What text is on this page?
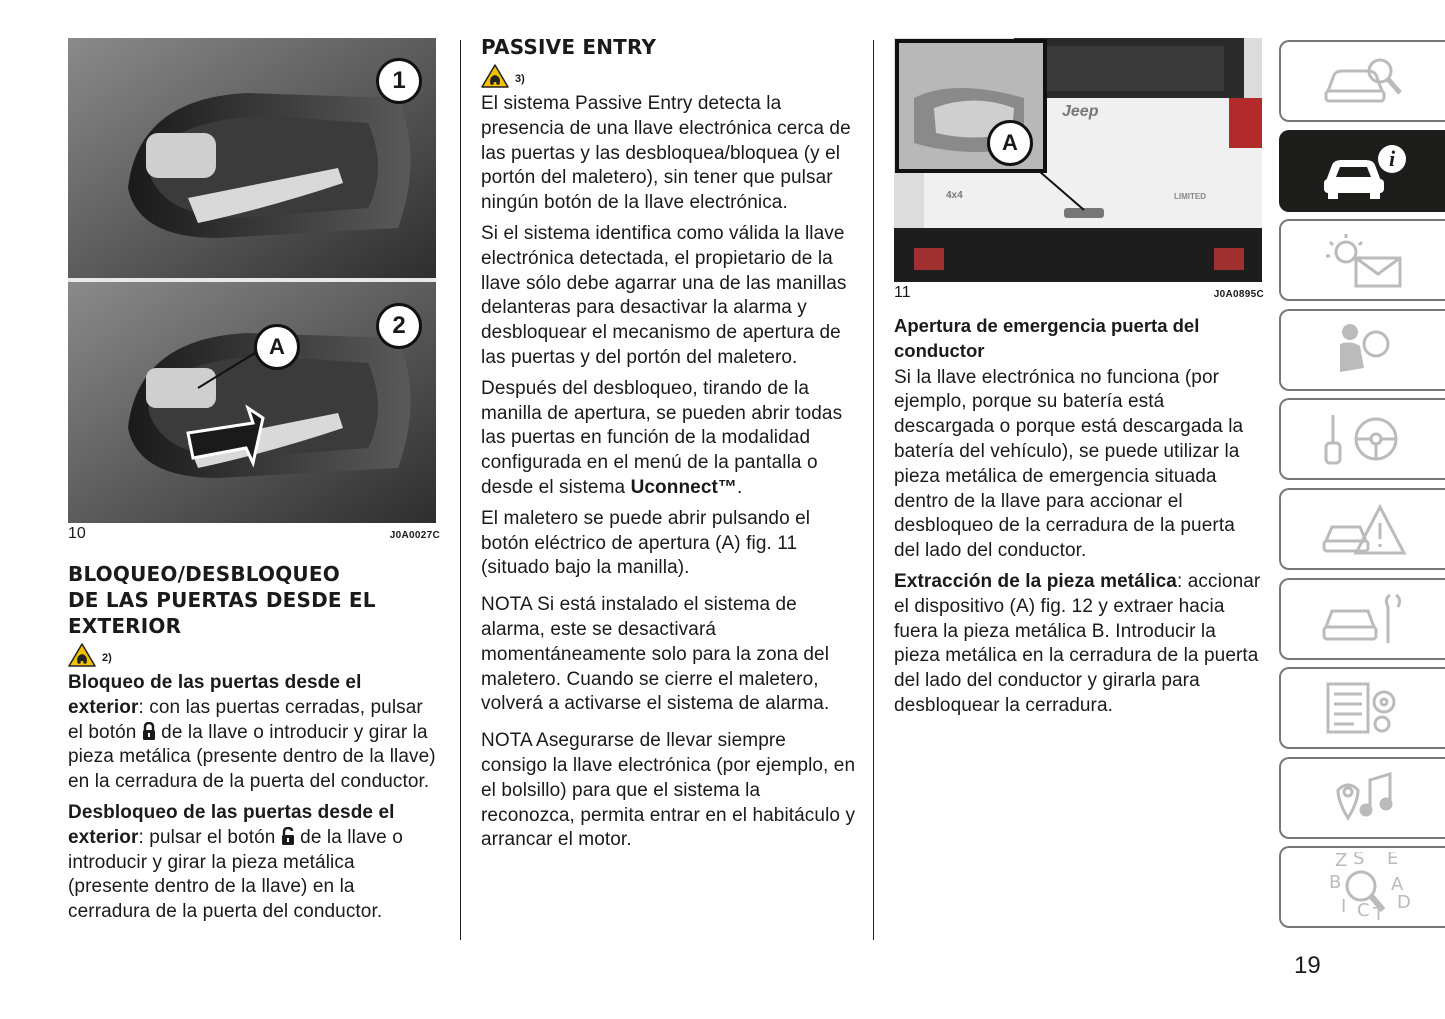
1
2
A
10	J0A0027C
BLOQUEO/DESBLOQUEO
DE LAS PUERTAS DESDE EL
EXTERIOR
2)

Bloqueo de las puertas desde el exterior: con las puertas cerradas, pulsar el botón  de la llave o introducir y girar la pieza metálica (presente dentro de la llave) en la cerradura de la puerta del conductor.

Desbloqueo de las puertas desde el exterior: pulsar el botón  de la llave o introducir y girar la pieza metálica (presente dentro de la llave) en la cerradura de la puerta del conductor.

PASSIVE ENTRY
3)

El sistema Passive Entry detecta la presencia de una llave electrónica cerca de las puertas y las desbloquea/bloquea (y el portón del maletero), sin tener que pulsar ningún botón de la llave electrónica.

Si el sistema identifica como válida la llave electrónica detectada, el propietario de la llave sólo debe agarrar una de las manillas delanteras para desactivar la alarma y desbloquear el mecanismo de apertura de las puertas y del portón del maletero.

Después del desbloqueo, tirando de la manilla de apertura, se pueden abrir todas las puertas en función de la modalidad configurada en el menú de la pantalla o desde el sistema Uconnect™.

El maletero se puede abrir pulsando el botón eléctrico de apertura (A) fig. 11 (situado bajo la manilla).

NOTA Si está instalado el sistema de alarma, este se desactivará momentáneamente solo para la zona del maletero. Cuando se cierre el maletero, volverá a activarse el sistema de alarma.

NOTA Asegurarse de llevar siempre consigo la llave electrónica (por ejemplo, en el bolsillo) para que el sistema la reconozca, permita entrar en el habitáculo y arrancar el motor.

Jeep
4x4	LIMITED
A
11	J0A0895C
Apertura de emergencia puerta del conductor

Si la llave electrónica no funciona (por ejemplo, porque su batería está descargada o porque está descargada la batería del vehículo), se puede utilizar la pieza metálica de emergencia situada dentro de la llave para accionar el desbloqueo de la cerradura de la puerta del lado del conductor.

Extracción de la pieza metálica: accionar el dispositivo (A) fig. 12 y extraer hacia fuera la pieza metálica B. Introducir la pieza metálica en la cerradura de la puerta del lado del conductor y girarla para desbloquear la cerradura.

i
Z S E
B	A
I C T
D
19
